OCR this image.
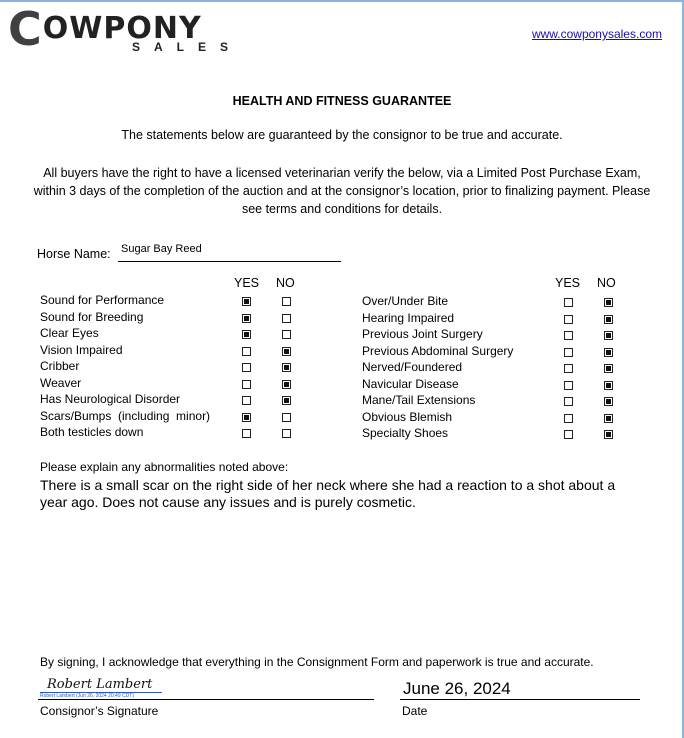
COWPONY
SALES
www.cowponysales.com
HEALTH AND FITNESS GUARANTEE
The statements below are guaranteed by the consignor to be true and accurate.
All buyers have the right to have a licensed veterinarian verify the below, via a Limited Post Purchase Exam, within 3 days of the completion of the auction and at the consignor’s location, prior to finalizing payment. Please see terms and conditions for details.
Horse Name: Sugar Bay Reed
YES NO	YES NO
Sound for Performance
Sound for Breeding
Clear Eyes
Vision Impaired
Cribber
Weaver
Has Neurological Disorder
Scars/Bumps  (including  minor)
Both testicles down
Over/Under Bite
Hearing Impaired
Previous Joint Surgery
Previous Abdominal Surgery
Nerved/Foundered
Navicular Disease
Mane/Tail Extensions
Obvious Blemish
Specialty Shoes
Please explain any abnormalities noted above:
There is a small scar on the right side of her neck where she had a reaction to a shot about a year ago. Does not cause any issues and is purely cosmetic.
By signing, I acknowledge that everything in the Consignment Form and paperwork is true and accurate.
Robert Lambert
Robert Lambert (Jun 26, 2024 20:49 CDT)
Consignor’s Signature
June 26, 2024
Date
